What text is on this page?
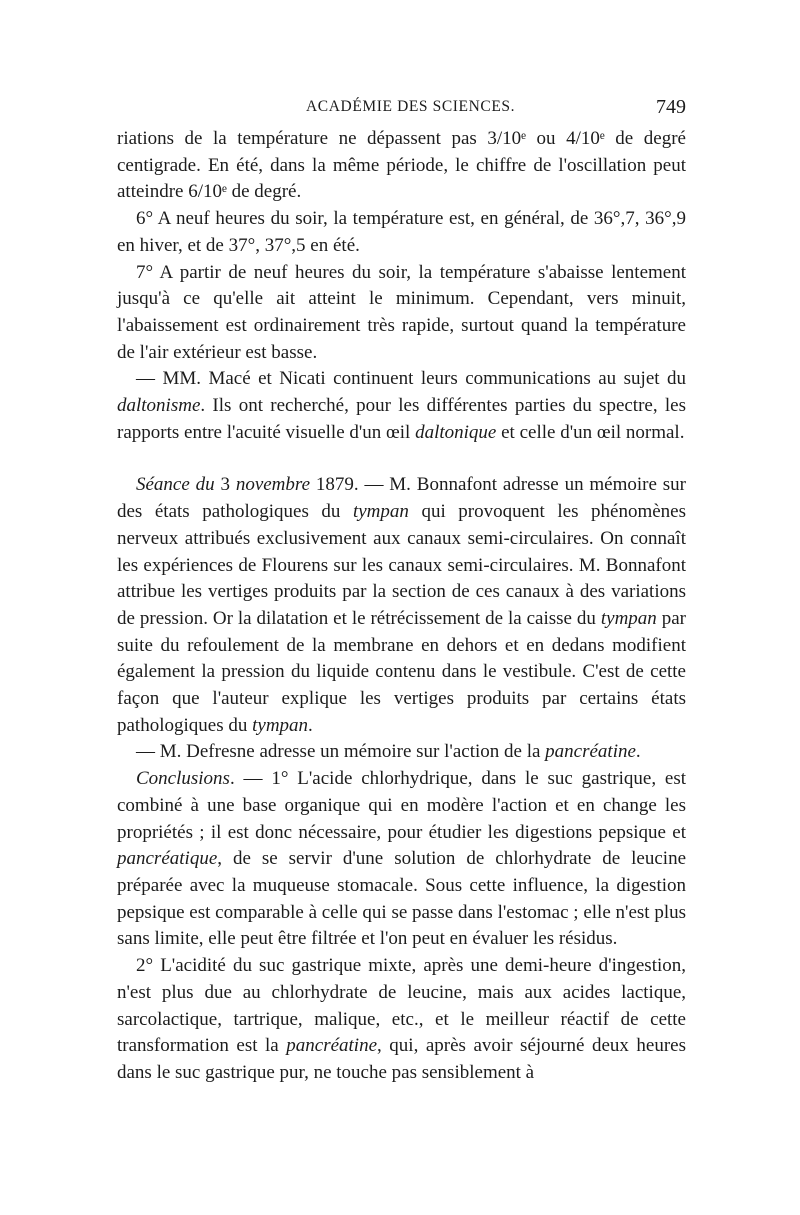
ACADÉMIE DES SCIENCES.	749

riations de la température ne dépassent pas 3/10ᵉ ou 4/10ᵉ de degré centigrade. En été, dans la même période, le chiffre de l'oscillation peut atteindre 6/10ᵉ de degré.

6° A neuf heures du soir, la température est, en général, de 36°,7, 36°,9 en hiver, et de 37°, 37°,5 en été.

7° A partir de neuf heures du soir, la température s'abaisse lentement jusqu'à ce qu'elle ait atteint le minimum. Cependant, vers minuit, l'abaissement est ordinairement très rapide, surtout quand la température de l'air extérieur est basse.

— MM. Macé et Nicati continuent leurs communications au sujet du daltonisme. Ils ont recherché, pour les différentes parties du spectre, les rapports entre l'acuité visuelle d'un œil daltonique et celle d'un œil normal.

Séance du 3 novembre 1879. — M. Bonnafont adresse un mémoire sur des états pathologiques du tympan qui provoquent les phénomènes nerveux attribués exclusivement aux canaux semi-circulaires. On connaît les expériences de Flourens sur les canaux semi-circulaires. M. Bonnafont attribue les vertiges produits par la section de ces canaux à des variations de pression. Or la dilatation et le rétrécissement de la caisse du tympan par suite du refoulement de la membrane en dehors et en dedans modifient également la pression du liquide contenu dans le vestibule. C'est de cette façon que l'auteur explique les vertiges produits par certains états pathologiques du tympan.

— M. Defresne adresse un mémoire sur l'action de la pancréatine.

Conclusions. — 1° L'acide chlorhydrique, dans le suc gastrique, est combiné à une base organique qui en modère l'action et en change les propriétés ; il est donc nécessaire, pour étudier les digestions pepsique et pancréatique, de se servir d'une solution de chlorhydrate de leucine préparée avec la muqueuse stomacale. Sous cette influence, la digestion pepsique est comparable à celle qui se passe dans l'estomac ; elle n'est plus sans limite, elle peut être filtrée et l'on peut en évaluer les résidus.

2° L'acidité du suc gastrique mixte, après une demi-heure d'ingestion, n'est plus due au chlorhydrate de leucine, mais aux acides lactique, sarcolactique, tartrique, malique, etc., et le meilleur réactif de cette transformation est la pancréatine, qui, après avoir séjourné deux heures dans le suc gastrique pur, ne touche pas sensiblement à
